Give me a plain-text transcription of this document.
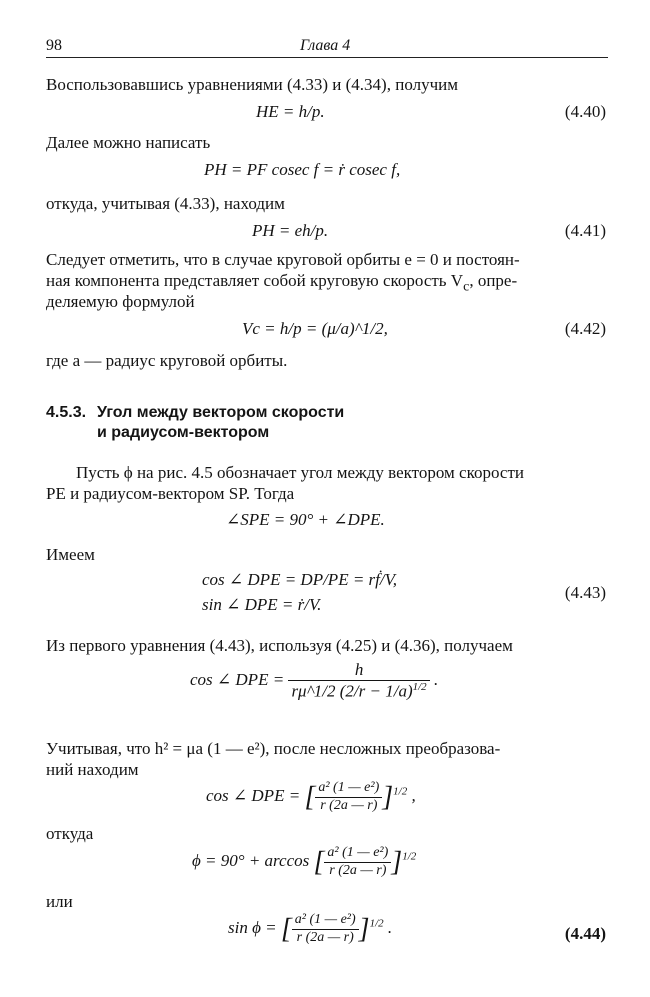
98	Глава 4
Воспользовавшись уравнениями (4.33) и (4.34), получим
HE = h/p.	(4.40)
Далее можно написать
PH = PF cosec f = ṙ cosec f,
откуда, учитывая (4.33), находим
PH = eh/p.	(4.41)
Следует отметить, что в случае круговой орбиты e = 0 и постоян-
ная компонента представляет собой круговую скорость $V_c$, опре-
деляемую формулой
Vc = h/p = (μ/a)^1/2,	(4.42)
где a — радиус круговой орбиты.
4.5.3. Угол между вектором скорости
и радиусом-вектором
Пусть ϕ на рис. 4.5 обозначает угол между вектором скорости
PE и радиусом-вектором SP. Тогда
∠SPE = 90° + ∠DPE.
Имеем
cos ∠ DPE = DP/PE = rḟ/V,
sin ∠ DPE = ṙ/V.
(4.43)
Из первого уравнения (4.43), используя (4.25) и (4.36), получаем
cos ∠ DPE = $\frac{h}{r\mu\^{}1/2 (2/r - 1/a)^{1/2}}$ .
Учитывая, что h² = μa (1 — e²), после несложных преобразова-
ний находим
cos ∠ DPE = [ $\frac{\text{a² (1 — e²)}}{r (2a — r)} ]^{1/2}$ ,
откуда
ϕ = 90° + arccos [ $\frac{\text{a² (1 — e²)}}{r (2a — r)} ]^{1/2}$
или
sin ϕ = [ $\frac{\text{a² (1 — e²)}}{r (2a — r)} ]^{1/2}$ .	(4.44)
